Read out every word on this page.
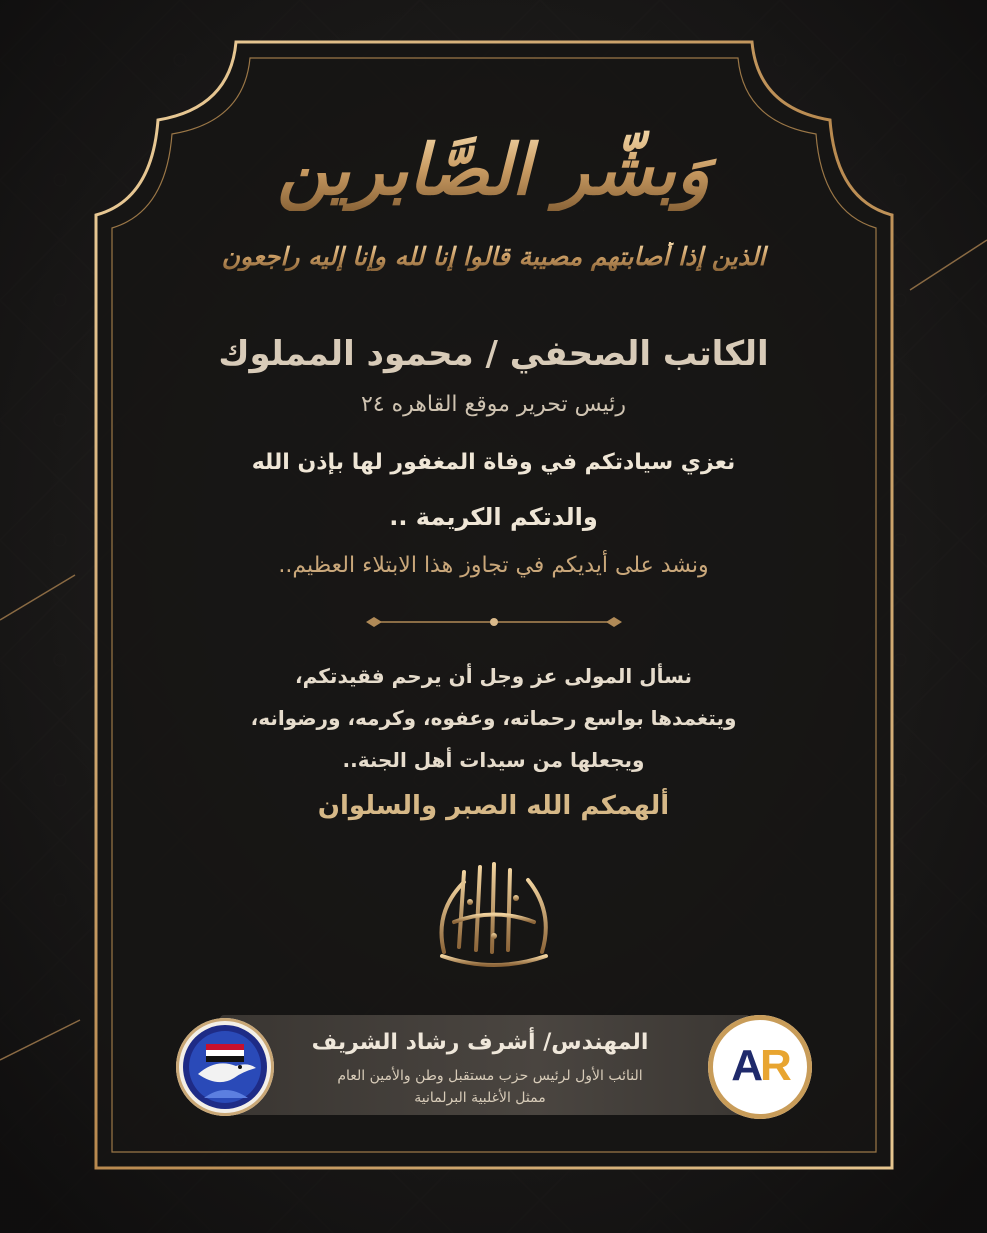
وَبشّرِ الصَّابرين
الذين إذا أصابتهم مصيبة قالوا إنا لله وإنا إليه راجعون
الكاتب الصحفي / محمود المملوك
رئيس تحرير موقع القاهره ٢٤
نعزي سيادتكم في وفاة المغفور لها بإذن الله
والدتكم الكريمة ..
ونشد على أيديكم في تجاوز هذا الابتلاء العظيم..
نسأل المولى عز وجل أن يرحم فقيدتكم،
ويتغمدها بواسع رحماته، وعفوه، وكرمه، ورضوانه،
ويجعلها من سيدات أهل الجنة..
ألهمكم الله الصبر والسلوان
المهندس/ أشرف رشاد الشريف
النائب الأول لرئيس حزب مستقبل وطن والأمين العام
ممثل الأغلبية البرلمانية
AR
